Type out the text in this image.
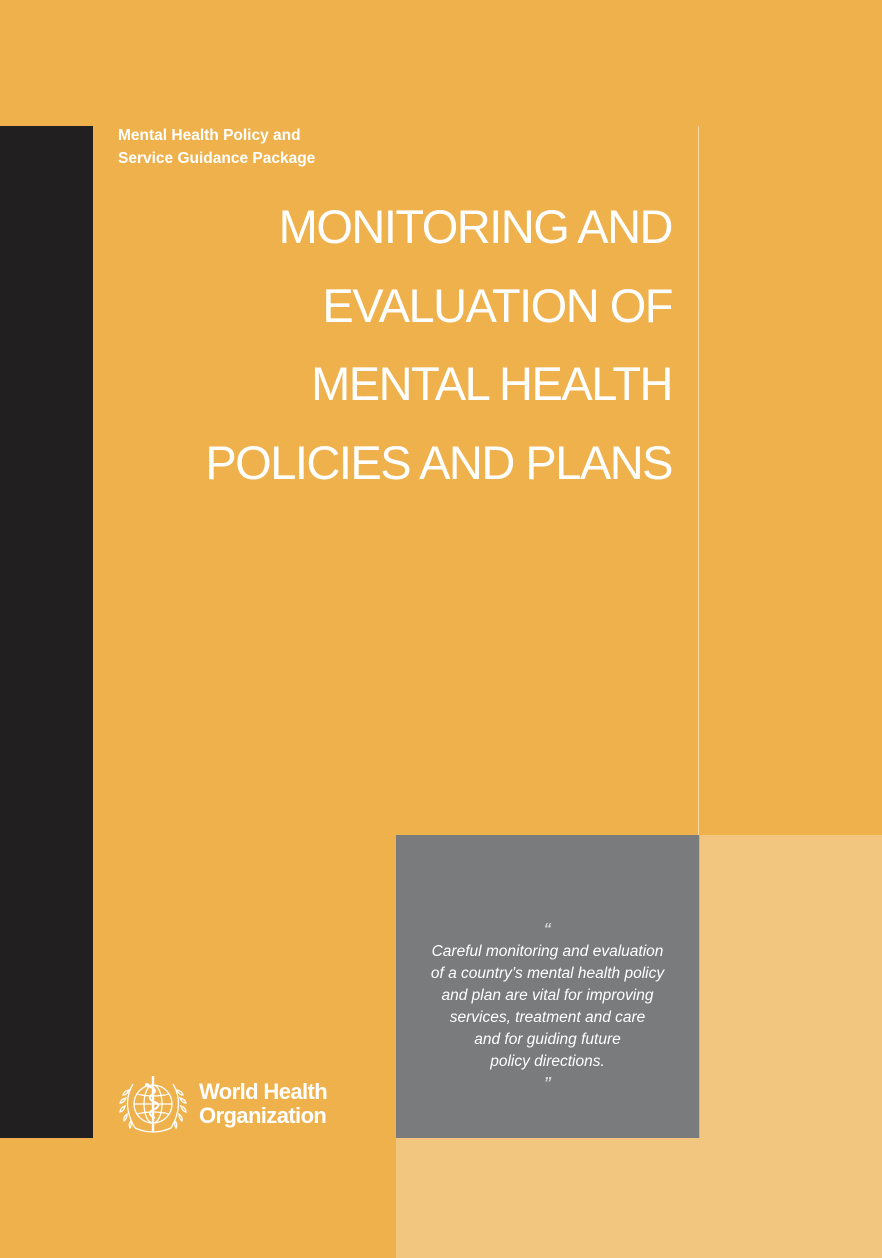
Mental Health Policy and
Service Guidance Package
MONITORING AND
EVALUATION OF
MENTAL HEALTH
POLICIES AND PLANS
“
Careful monitoring and evaluation
of a country’s mental health policy
and plan are vital for improving
services, treatment and care
and for guiding future
policy directions.
”
World Health
Organization
